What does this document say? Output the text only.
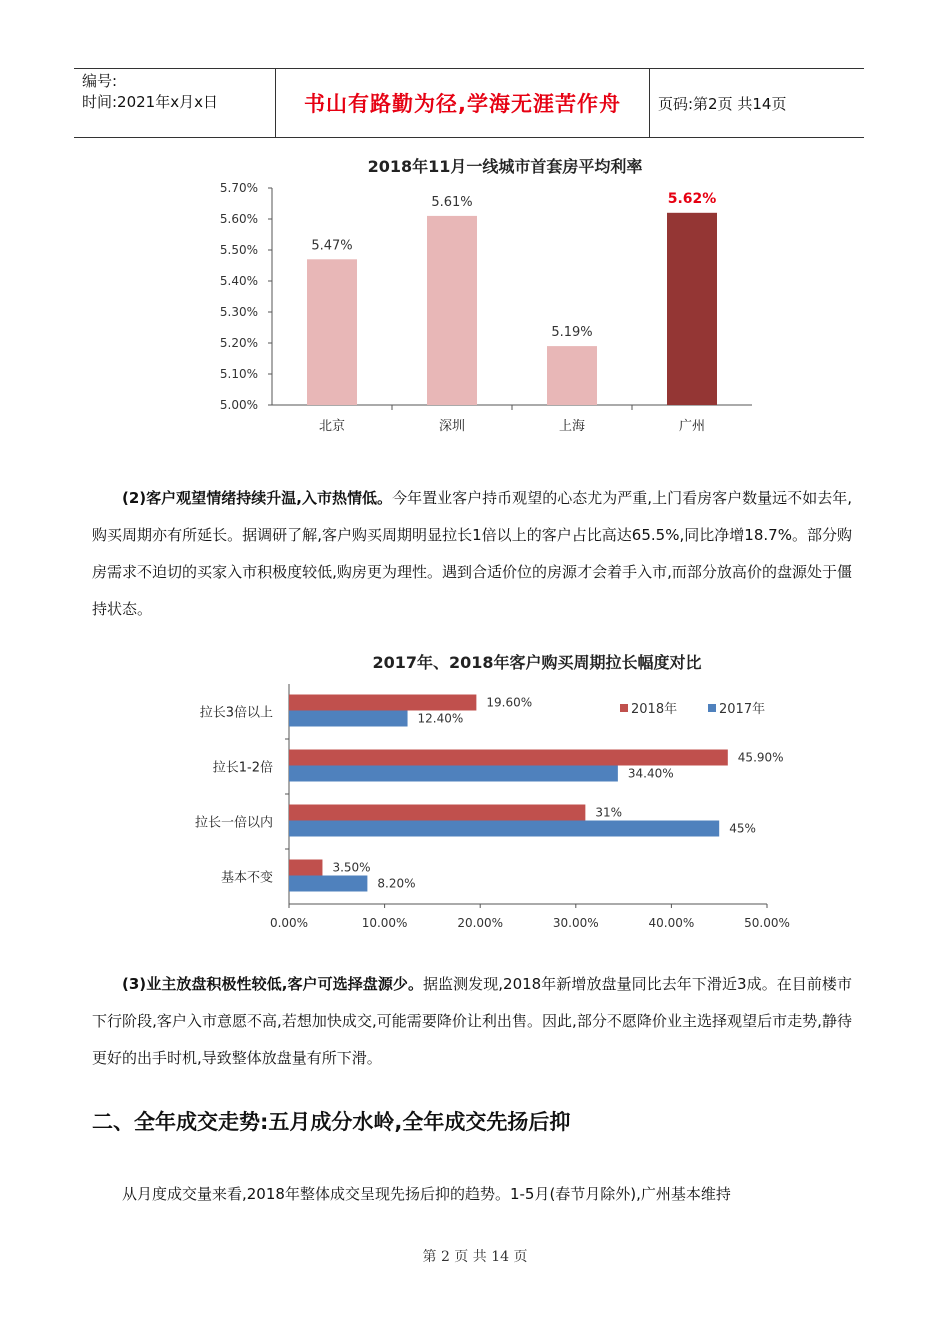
编号:
时间:2021年x月x日	书山有路勤为径,学海无涯苦作舟	页码:第2页 共14页
2018年11月一线城市首套房平均利率
5.00%
5.10%
5.20%
5.30%
5.40%
5.50%
5.60%
5.70%
5.47%
北京
5.61%
深圳
5.19%
上海
5.62%
广州
(2)客户观望情绪持续升温,入市热情低。今年置业客户持币观望的心态尤为严重,上门看房客户数量远不如去年,购买周期亦有所延长。据调研了解,客户购买周期明显拉长1倍以上的客户占比高达65.5%,同比净增18.7%。部分购房需求不迫切的买家入市积极度较低,购房更为理性。遇到合适价位的房源才会着手入市,而部分放高价的盘源处于僵持状态。
2017年、2018年客户购买周期拉长幅度对比
0.00%	10.00%	20.00%	30.00%	40.00%	50.00%
拉长3倍以上
19.60%
12.40%
拉长1-2倍
45.90%
34.40%
拉长一倍以内
31%
45%
基本不变
3.50%
8.20%
2018年	2017年
(3)业主放盘积极性较低,客户可选择盘源少。据监测发现,2018年新增放盘量同比去年下滑近3成。在目前楼市下行阶段,客户入市意愿不高,若想加快成交,可能需要降价让利出售。因此,部分不愿降价业主选择观望后市走势,静待更好的出手时机,导致整体放盘量有所下滑。
二、全年成交走势:五月成分水岭,全年成交先扬后抑
从月度成交量来看,2018年整体成交呈现先扬后抑的趋势。1-5月(春节月除外),广州基本维持
第 2 页 共 14 页
